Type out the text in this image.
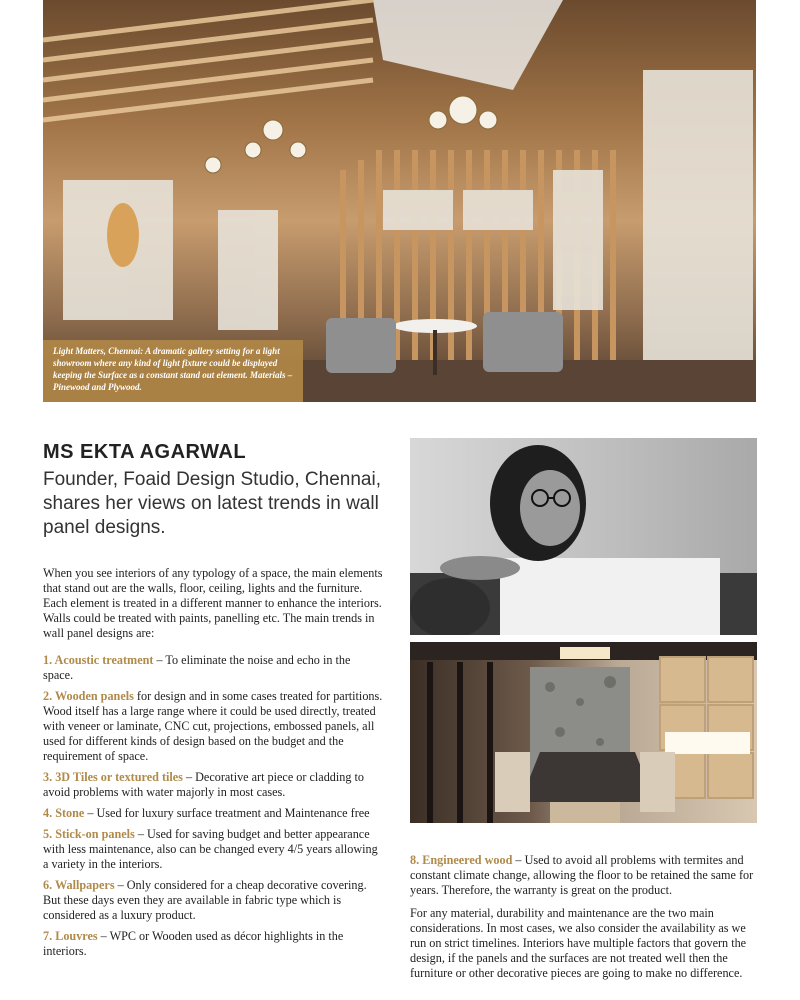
Light Matters, Chennai: A dramatic gallery setting for a light showroom where any kind of light fixture could be displayed keeping the Surface as a constant stand out element. Materials – Pinewood and Plywood.
MS EKTA AGARWAL
Founder, Foaid Design Studio, Chennai, shares her views on latest trends in wall panel designs.

When you see interiors of any typology of a space, the main elements that stand out are the walls, floor, ceiling, lights and the furniture. Each element is treated in a different manner to enhance the interiors. Walls could be treated with paints, panelling etc. The main trends in wall panel designs are:

1. Acoustic treatment – To eliminate the noise and echo in the space.

2. Wooden panels for design and in some cases treated for partitions. Wood itself has a large range where it could be used directly, treated with veneer or laminate, CNC cut, projections, embossed panels, all used for different kinds of design based on the budget and the requirement of space.

3. 3D Tiles or textured tiles – Decorative art piece or cladding to avoid problems with water majorly in most cases.

4. Stone – Used for luxury surface treatment and Maintenance free

5. Stick-on panels – Used for saving budget and better appearance with less maintenance, also can be changed every 4/5 years allowing a variety in the interiors.

6. Wallpapers – Only considered for a cheap decorative covering. But these days even they are available in fabric type which is considered as a luxury product.

7. Louvres – WPC or Wooden used as décor highlights in the interiors.

8. Engineered wood – Used to avoid all problems with termites and constant climate change, allowing the floor to be retained the same for years. Therefore, the warranty is great on the product.

For any material, durability and maintenance are the two main considerations. In most cases, we also consider the availability as we run on strict timelines. Interiors have multiple factors that govern the design, if the panels and the surfaces are not treated well then the furniture or other decorative pieces are going to make no difference.
